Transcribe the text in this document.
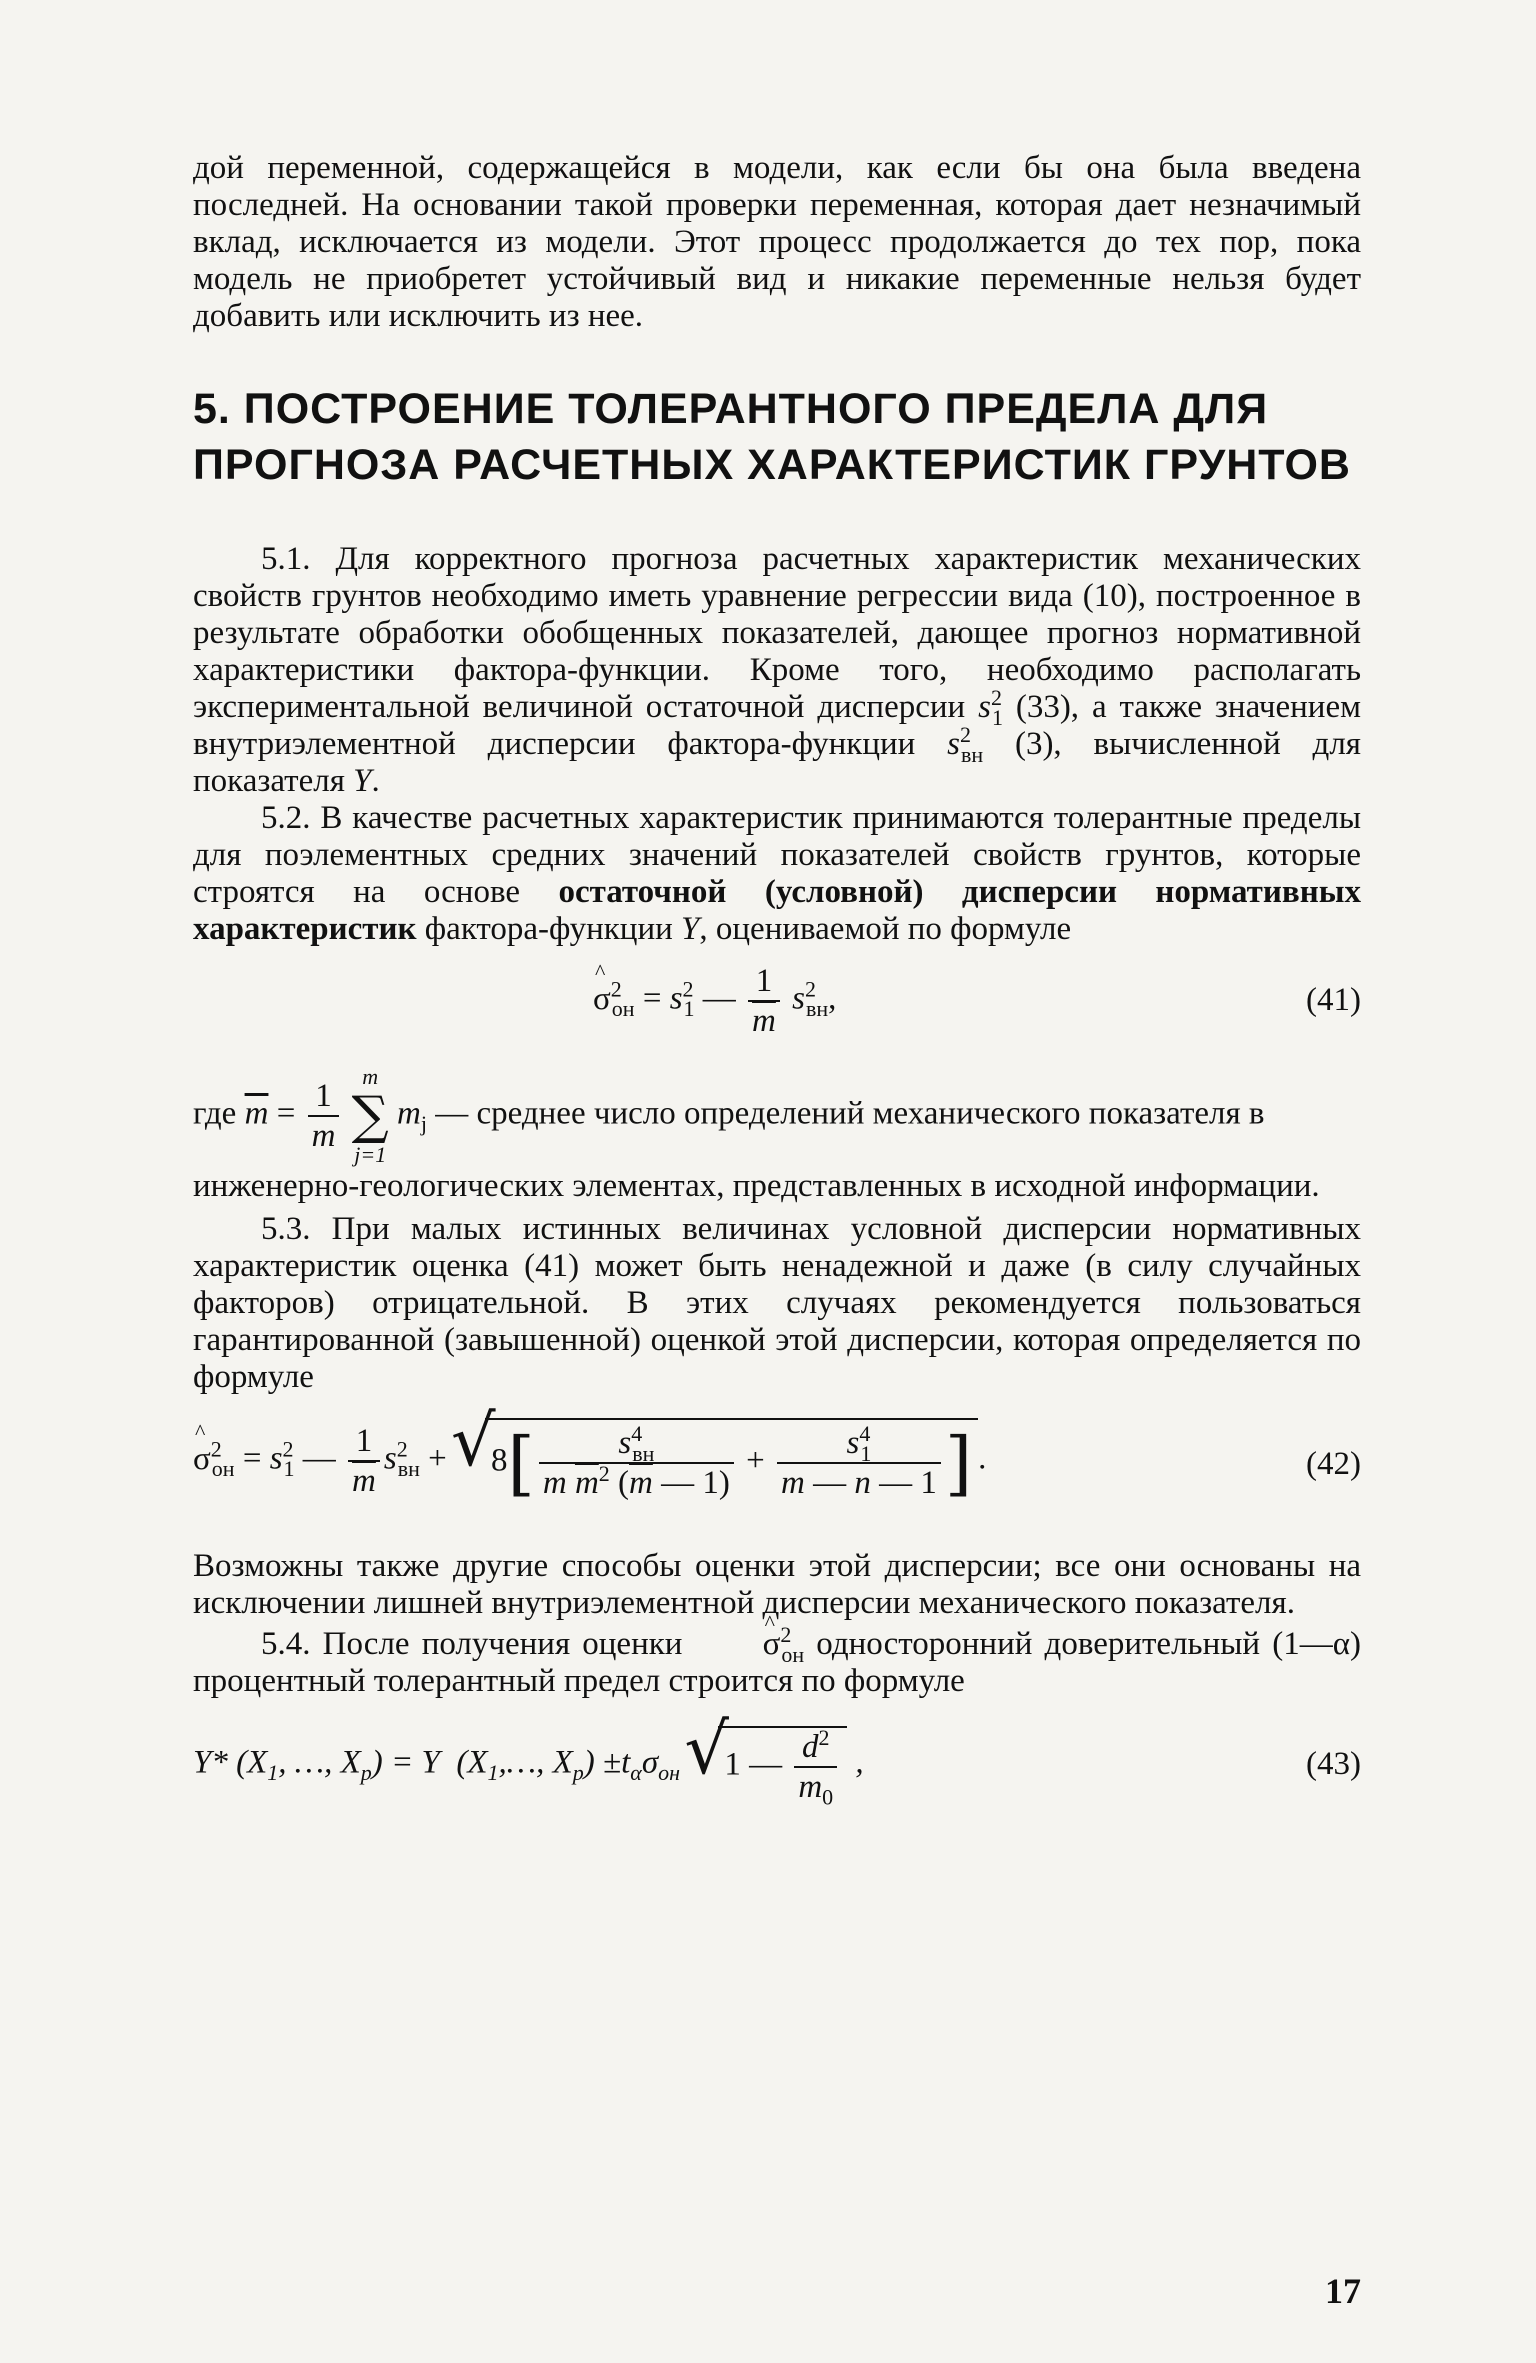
дой переменной, содержащейся в модели, как если бы она была введена последней. На основании такой проверки переменная, которая дает незначимый вклад, исключается из модели. Этот процесс продолжается до тех пор, пока модель не приобретет устойчивый вид и никакие переменные нельзя будет добавить или исключить из нее.

5. ПОСТРОЕНИЕ ТОЛЕРАНТНОГО ПРЕДЕЛА ДЛЯ ПРОГНОЗА РАСЧЕТНЫХ ХАРАКТЕРИСТИК ГРУНТОВ

5.1. Для корректного прогноза расчетных характеристик механических свойств грунтов необходимо иметь уравнение регрессии вида (10), построенное в результате обработки обобщенных показателей, дающее прогноз нормативной характеристики фактора-функции. Кроме того, необходимо располагать экспериментальной величиной остаточной дисперсии $s^2_1$ (33), а также значением внутриэлементной дисперсии фактора-функции $s^2_{вн}$ (3), вычисленной для показателя Y.

5.2. В качестве расчетных характеристик принимаются толерантные пределы для поэлементных средних значений показателей свойств грунтов, которые строятся на основе остаточной (условной) дисперсии нормативных характеристик фактора-функции Y, оцениваемой по формуле

^ $\sigma^2_{он} = s^2_1$ — $\frac{1}{m} s^2_{вн}$,	(41)

где $\overline{m} = \frac{1}{m}$

m
∑
j=1
$m_j$ — среднее число определений механического показателя в инженерно-геологических элементах, представленных в исходной информации.

5.3. При малых истинных величинах условной дисперсии нормативных характеристик оценка (41) может быть ненадежной и даже (в силу случайных факторов) отрицательной. В этих случаях рекомендуется пользоваться гарантированной (завышенной) оценкой этой дисперсии, которая определяется по формуле

^ $\sigma^2_{он} = s^2_1$ — $\frac{1}{m} s^2_{вн}$ + √ $8[ \frac{s^4_{вн}}{m \overline{m}^2 (\overline{m} — 1)} + \frac{s^4_1}{m — n — 1}$ ] .	(42)

Возможны также другие способы оценки этой дисперсии; все они основаны на исключении лишней внутриэлементной дисперсии механического показателя.

5.4. После получения оценки ^ $\sigma^2_{он}$ односторонний доверительный (1—α) процентный толерантный предел строится по формуле

Y* ($X_1$, …, $X_p) = Y$  ($X_1,\dots$, $X_p) \pm t_\alpha\sigma_{он}$ √ 1 — $\frac{d^2}{m_0}$ ,	(43)
17
